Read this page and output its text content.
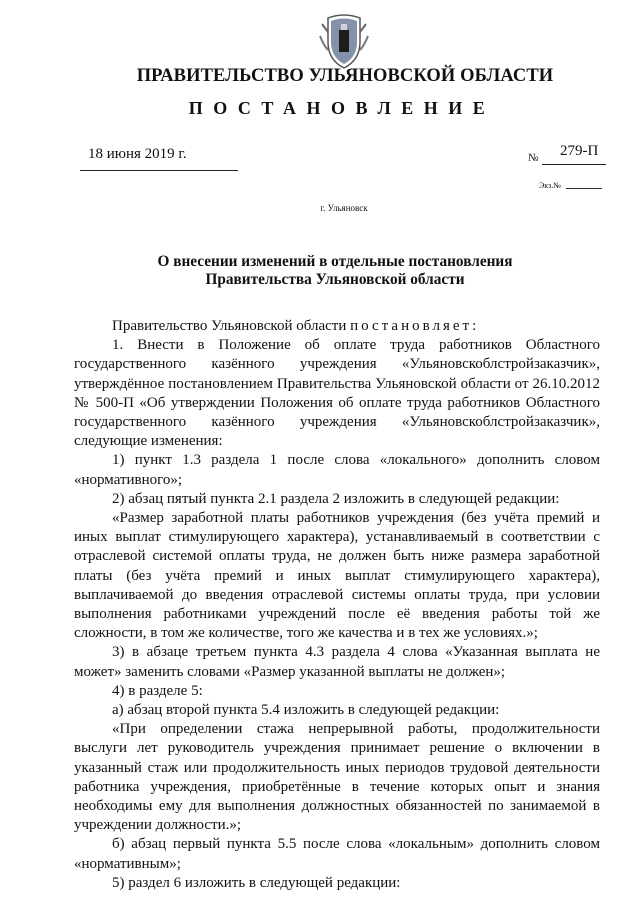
ПРАВИТЕЛЬСТВО УЛЬЯНОВСКОЙ ОБЛАСТИ
ПОСТАНОВЛЕНИЕ
18 июня 2019 г.	№ 279-П
Экз.№
г. Ульяновск
О внесении изменений в отдельные постановления
Правительства Ульяновской области

Правительство Ульяновской области постановляет:

1. Внести в Положение об оплате труда работников Областного государственного казённого учреждения «Ульяновскоблстройзаказчик», утверждённое постановлением Правительства Ульяновской области от 26.10.2012 № 500-П «Об утверждении Положения об оплате труда работников Областного государственного казённого учреждения «Ульяновскоблстройзаказчик», следующие изменения:

1) пункт 1.3 раздела 1 после слова «локального» дополнить словом «нормативного»;

2) абзац пятый пункта 2.1 раздела 2 изложить в следующей редакции:

«Размер заработной платы работников учреждения (без учёта премий и иных выплат стимулирующего характера), устанавливаемый в соответствии с отраслевой системой оплаты труда, не должен быть ниже размера заработной платы (без учёта премий и иных выплат стимулирующего характера), выплачиваемой до введения отраслевой системы оплаты труда, при условии выполнения работниками учреждений после её введения работы той же сложности, в том же количестве, того же качества и в тех же условиях.»;

3) в абзаце третьем пункта 4.3 раздела 4 слова «Указанная выплата не может» заменить словами «Размер указанной выплаты не должен»;

4) в разделе 5:

а) абзац второй пункта 5.4 изложить в следующей редакции:

«При определении стажа непрерывной работы, продолжительности выслуги лет руководитель учреждения принимает решение о включении в указанный стаж или продолжительность иных периодов трудовой деятельности работника учреждения, приобретённые в течение которых опыт и знания необходимы ему для выполнения должностных обязанностей по занимаемой в учреждении должности.»;

б) абзац первый пункта 5.5 после слова «локальным» дополнить словом «нормативным»;

5) раздел 6 изложить в следующей редакции:
